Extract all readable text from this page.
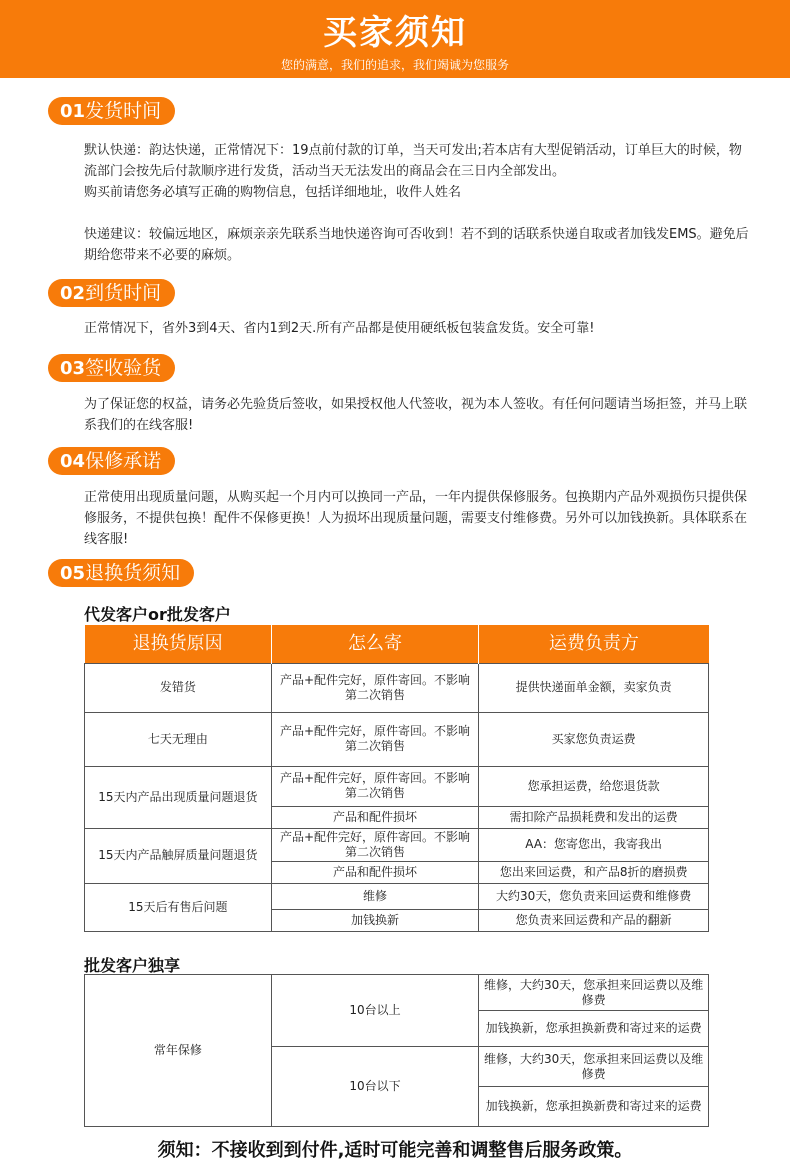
买家须知
您的满意，我们的追求，我们竭诚为您服务
01发货时间
默认快递：韵达快递，正常情况下：19点前付款的订单，当天可发出;若本店有大型促销活动，订单巨大的时候，物流部门会按先后付款顺序进行发货，活动当天无法发出的商品会在三日内全部发出。
购买前请您务必填写正确的购物信息，包括详细地址，收件人姓名
快递建议：较偏远地区，麻烦亲亲先联系当地快递咨询可否收到！若不到的话联系快递自取或者加钱发EMS。避免后期给您带来不必要的麻烦。
02到货时间
正常情况下，省外3到4天、省内1到2天.所有产品都是使用硬纸板包装盒发货。安全可靠!
03签收验货
为了保证您的权益，请务必先验货后签收，如果授权他人代签收，视为本人签收。有任何问题请当场拒签，并马上联系我们的在线客服!
04保修承诺
正常使用出现质量问题，从购买起一个月内可以换同一产品，一年内提供保修服务。包换期内产品外观损伤只提供保修服务，不提供包换！配件不保修更换！人为损坏出现质量问题，需要支付维修费。另外可以加钱换新。具体联系在线客服!
05退换货须知
代发客户or批发客户
退换货原因	怎么寄	运费负责方
发错货	产品+配件完好，原件寄回。不影响第二次销售	提供快递面单金额，卖家负责
七天无理由	产品+配件完好，原件寄回。不影响第二次销售	买家您负责运费
15天内产品出现质量问题退货	产品+配件完好，原件寄回。不影响第二次销售	您承担运费，给您退货款
	产品和配件损坏	需扣除产品损耗费和发出的运费
15天内产品触屏质量问题退货	产品+配件完好，原件寄回。不影响第二次销售	AA：您寄您出，我寄我出
	产品和配件损坏	您出来回运费，和产品8折的磨损费
15天后有售后问题	维修	大约30天，您负责来回运费和维修费
	加钱换新	您负责来回运费和产品的翻新
批发客户独享
常年保修	10台以上	维修，大约30天，您承担来回运费以及维修费
		加钱换新，您承担换新费和寄过来的运费
	10台以下	维修，大约30天，您承担来回运费以及维修费
		加钱换新，您承担换新费和寄过来的运费
须知：不接收到到付件,适时可能完善和调整售后服务政策。
